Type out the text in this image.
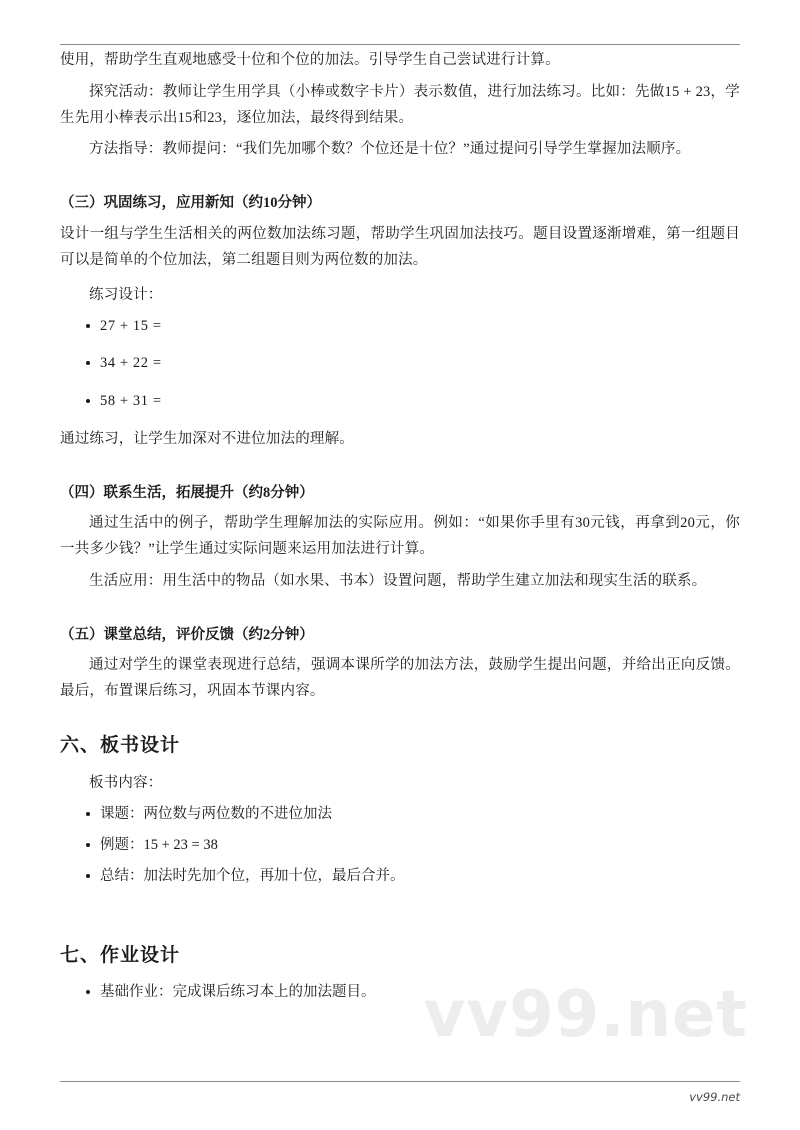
vv99.net

使用，帮助学生直观地感受十位和个位的加法。引导学生自己尝试进行计算。

探究活动：教师让学生用学具（小棒或数字卡片）表示数值，进行加法练习。比如：先做15 + 23，学生先用小棒表示出15和23，逐位加法，最终得到结果。

方法指导：教师提问：“我们先加哪个数？个位还是十位？”通过提问引导学生掌握加法顺序。

（三）巩固练习，应用新知（约10分钟）

设计一组与学生生活相关的两位数加法练习题，帮助学生巩固加法技巧。题目设置逐渐增难，第一组题目可以是简单的个位加法，第二组题目则为两位数的加法。

练习设计：

27 + 15 =
34 + 22 =
58 + 31 =

通过练习，让学生加深对不进位加法的理解。

（四）联系生活，拓展提升（约8分钟）

通过生活中的例子，帮助学生理解加法的实际应用。例如：“如果你手里有30元钱，再拿到20元，你一共多少钱？”让学生通过实际问题来运用加法进行计算。

生活应用：用生活中的物品（如水果、书本）设置问题，帮助学生建立加法和现实生活的联系。

（五）课堂总结，评价反馈（约2分钟）

通过对学生的课堂表现进行总结，强调本课所学的加法方法，鼓励学生提出问题，并给出正向反馈。最后，布置课后练习，巩固本节课内容。

六、板书设计

板书内容：

课题：两位数与两位数的不进位加法
例题：15 + 23 = 38
总结：加法时先加个位，再加十位，最后合并。
七、作业设计
基础作业：完成课后练习本上的加法题目。
vv99.net
